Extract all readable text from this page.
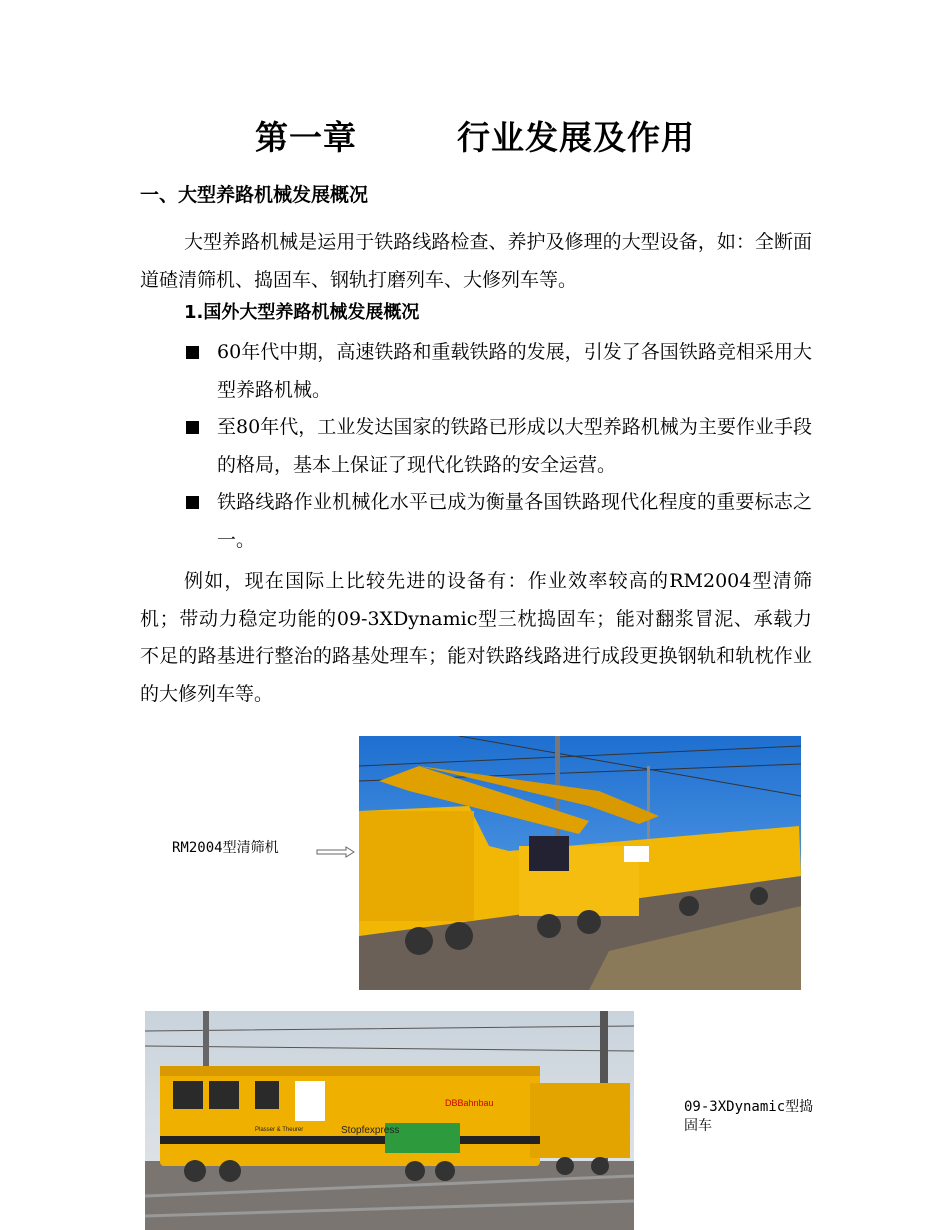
第一章	行业发展及作用
一、大型养路机械发展概况

大型养路机械是运用于铁路线路检查、养护及修理的大型设备，如：全断面道碴清筛机、捣固车、钢轨打磨列车、大修列车等。

1.国外大型养路机械发展概况
60年代中期，高速铁路和重载铁路的发展，引发了各国铁路竞相采用大型养路机械。
至80年代，工业发达国家的铁路已形成以大型养路机械为主要作业手段的格局，基本上保证了现代化铁路的安全运营。
铁路线路作业机械化水平已成为衡量各国铁路现代化程度的重要标志之一。

例如，现在国际上比较先进的设备有：作业效率较高的RM2004型清筛机；带动力稳定功能的09-3XDynamic型三枕捣固车；能对翻浆冒泥、承载力不足的路基进行整治的路基处理车；能对铁路线路进行成段更换钢轨和轨枕作业的大修列车等。

RM2004型清筛机
DBBahnbau
Stopfexpress
Plasser & Theurer
09-3XDynamic型捣固车
